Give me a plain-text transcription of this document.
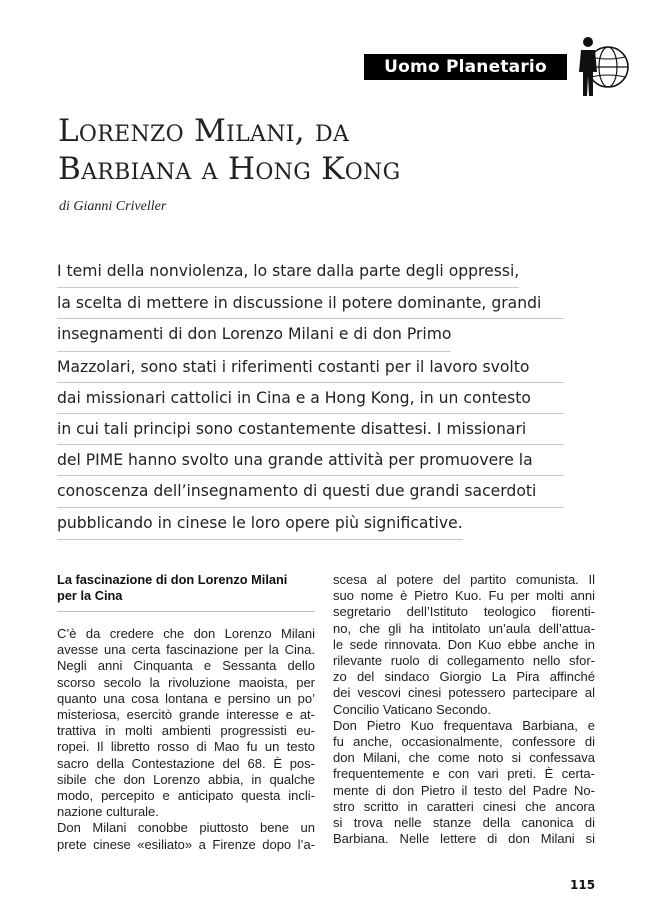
Uomo Planetario
Lorenzo Milani, da
Barbiana a Hong Kong
di Gianni Criveller
I temi della nonviolenza, lo stare dalla parte degli oppressi,
la scelta di mettere in discussione il potere dominante, grandi
insegnamenti di don Lorenzo Milani e di don Primo
Mazzolari, sono stati i riferimenti costanti per il lavoro svolto
dai missionari cattolici in Cina e a Hong Kong, in un contesto
in cui tali principi sono costantemente disattesi. I missionari
del PIME hanno svolto una grande attività per promuovere la
conoscenza dell’insegnamento di questi due grandi sacerdoti
pubblicando in cinese le loro opere più significative.
La fascinazione di don Lorenzo Milani
per la Cina

C’è da credere che don Lorenzo Milani
avesse una certa fascinazione per la Cina.
Negli anni Cinquanta e Sessanta dello
scorso secolo la rivoluzione maoista, per
quanto una cosa lontana e persino un po’
misteriosa, esercitò grande interesse e at-
trattiva in molti ambienti progressisti eu-
ropei. Il libretto rosso di Mao fu un testo
sacro della Contestazione del 68. È pos-
sibile che don Lorenzo abbia, in qualche
modo, percepito e anticipato questa incli-
nazione culturale.

Don Milani conobbe piuttosto bene un
prete cinese «esiliato» a Firenze dopo l’a-

scesa al potere del partito comunista. Il
suo nome è Pietro Kuo. Fu per molti anni
segretario dell’Istituto teologico fiorenti-
no, che gli ha intitolato un’aula dell’attua-
le sede rinnovata. Don Kuo ebbe anche in
rilevante ruolo di collegamento nello sfor-
zo del sindaco Giorgio La Pira affinché
dei vescovi cinesi potessero partecipare al
Concilio Vaticano Secondo.

Don Pietro Kuo frequentava Barbiana, e
fu anche, occasionalmente, confessore di
don Milani, che come noto si confessava
frequentemente e con vari preti. È certa-
mente di don Pietro il testo del Padre No-
stro scritto in caratteri cinesi che ancora
si trova nelle stanze della canonica di
Barbiana. Nelle lettere di don Milani si

115
